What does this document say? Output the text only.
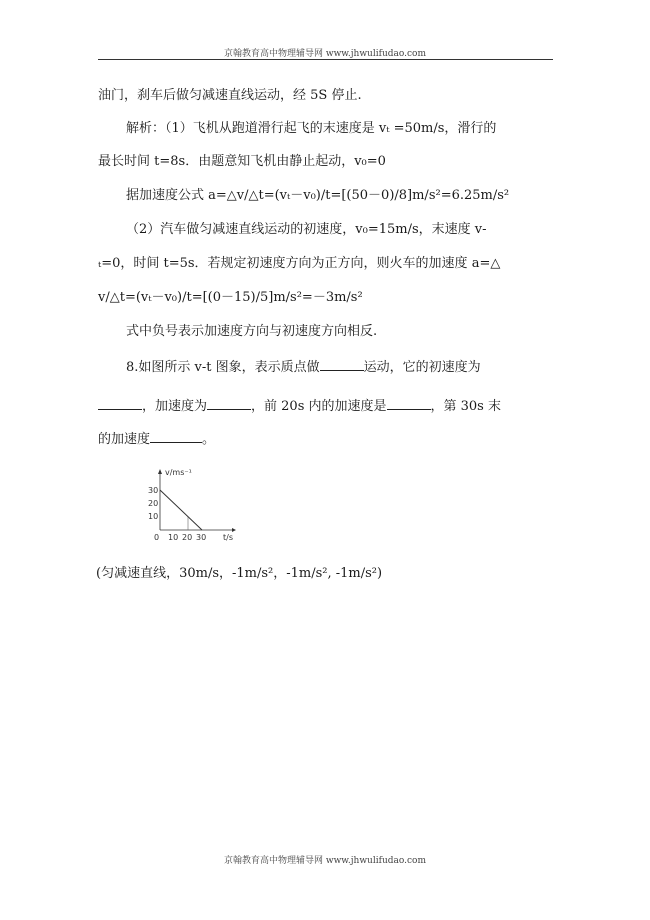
京翰教育高中物理辅导网 www.jhwulifudao.com
油门，刹车后做匀减速直线运动，经 5S 停止.
解析：（1）飞机从跑道滑行起飞的末速度是 vₜ =50m/s，滑行的
最长时间 t=8s．由题意知飞机由静止起动，v₀=0
据加速度公式 a=△v/△t=(vₜ－v₀)/t=[(50－0)/8]m/s²=6.25m/s²
（2）汽车做匀减速直线运动的初速度，v₀=15m/s，末速度 v-
ₜ=0，时间 t=5s．若规定初速度方向为正方向，则火车的加速度 a=△
v/△t=(vₜ－v₀)/t=[(0－15)/5]m/s²=－3m/s²
式中负号表示加速度方向与初速度方向相反.
8.如图所示 v-t 图象，表示质点做	运动，它的初速度为
，加速度为	，前 20s 内的加速度是	，第 30s 末
的加速度	。
v/ms⁻¹
t/s
0
30
20
10
10 20 30
(匀减速直线，30m/s，-1m/s²，-1m/s², -1m/s²)
京翰教育高中物理辅导网 www.jhwulifudao.com
